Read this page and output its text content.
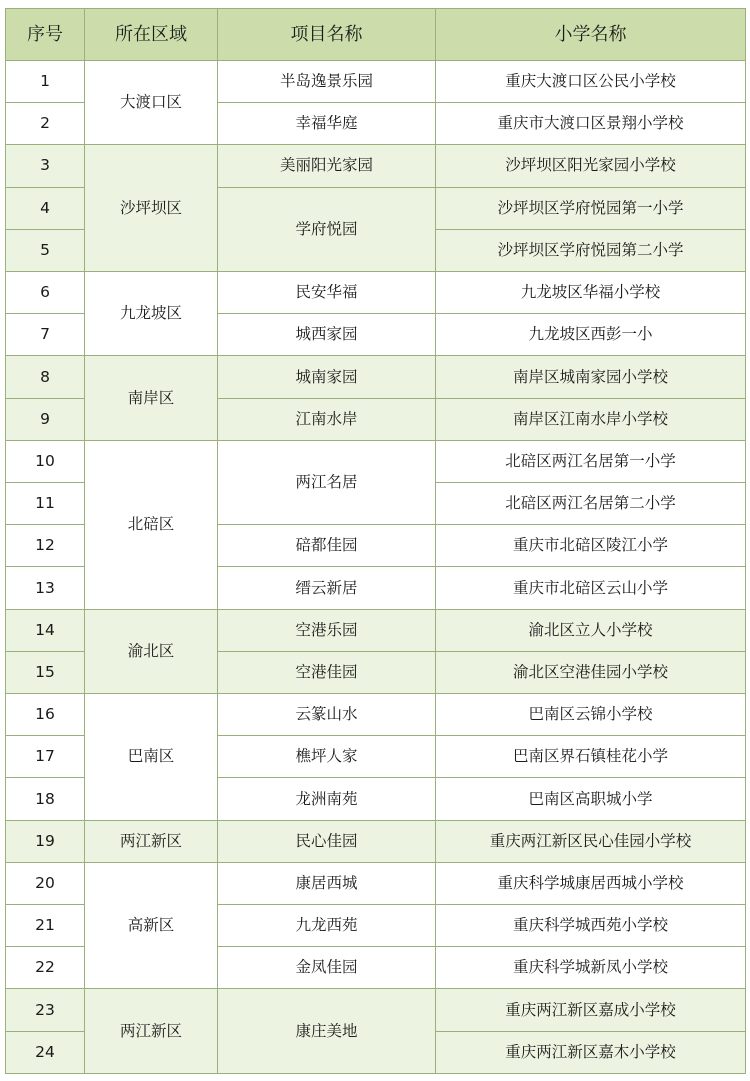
序号	所在区域	项目名称	小学名称
1	大渡口区	半岛逸景乐园	重庆大渡口区公民小学校
2		幸福华庭	重庆市大渡口区景翔小学校
3	沙坪坝区	美丽阳光家园	沙坪坝区阳光家园小学校
4		学府悦园	沙坪坝区学府悦园第一小学
5			沙坪坝区学府悦园第二小学
6	九龙坡区	民安华福	九龙坡区华福小学校
7		城西家园	九龙坡区西彭一小
8	南岸区	城南家园	南岸区城南家园小学校
9		江南水岸	南岸区江南水岸小学校
10	北碚区	两江名居	北碚区两江名居第一小学
11			北碚区两江名居第二小学
12		碚都佳园	重庆市北碚区陵江小学
13		缙云新居	重庆市北碚区云山小学
14	渝北区	空港乐园	渝北区立人小学校
15		空港佳园	渝北区空港佳园小学校
16	巴南区	云篆山水	巴南区云锦小学校
17		樵坪人家	巴南区界石镇桂花小学
18		龙洲南苑	巴南区高职城小学
19	两江新区	民心佳园	重庆两江新区民心佳园小学校
20	高新区	康居西城	重庆科学城康居西城小学校
21		九龙西苑	重庆科学城西苑小学校
22		金凤佳园	重庆科学城新凤小学校
23	两江新区	康庄美地	重庆两江新区嘉成小学校
24			重庆两江新区嘉木小学校
